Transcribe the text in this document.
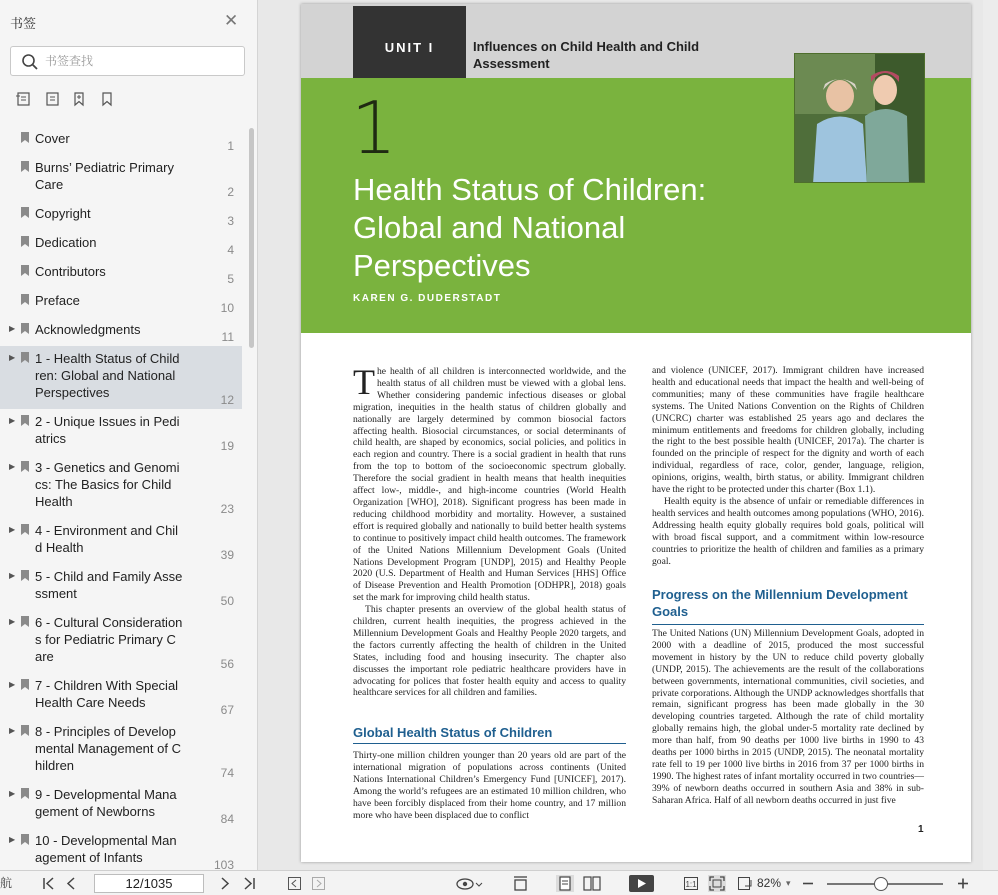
书签	✕
书签查找
Cover	1
Burns’ Pediatric Primary Care	2
Copyright	3
Dedication	4
Contributors	5
Preface	10
▶ Acknowledgments	11
▶ 1 - Health Status of Children: Global and National Perspectives	12
▶ 2 - Unique Issues in Pediatrics	19
▶ 3 - Genetics and Genomics: The Basics for Child Health	23
▶ 4 - Environment and Child Health	39
▶ 5 - Child and Family Assessment	50
▶ 6 - Cultural Considerations for Pediatric Primary Care	56
▶ 7 - Children With Special Health Care Needs	67
▶ 8 - Principles of Developmental Management of Children	74
▶ 9 - Developmental Management of Newborns	84
▶ 10 - Developmental Management of Infants	103
UNIT I	Influences on Child Health and Child Assessment
1
Health Status of Children: Global and National Perspectives
KAREN G. DUDERSTADT

The health of all children is interconnected worldwide, and the health status of all children must be viewed with a global lens. Whether considering pandemic infectious diseases or global migration, inequities in the health status of children globally and nationally are largely determined by common biosocial factors affecting health. Biosocial circumstances, or social determinants of child health, are shaped by economics, social policies, and politics in each region and country. There is a social gradient in health that runs from the top to bottom of the socioeconomic spectrum globally. Therefore the social gradient in health means that health inequities affect low-, middle-, and high-income countries (World Health Organization [WHO], 2018). Significant progress has been made in reducing childhood morbidity and mortality. However, a sustained effort is required globally and nationally to build better health systems to continue to positively impact child health outcomes. The framework of the United Nations Millennium Development Goals (United Nations Development Program [UNDP], 2015) and Healthy People 2020 (U.S. Department of Health and Human Services [HHS] Office of Disease Prevention and Health Promotion [ODHPR], 2018) goals set the mark for improving child health status.

This chapter presents an overview of the global health status of children, current health inequities, the progress achieved in the Millennium Development Goals and Healthy People 2020 targets, and the factors currently affecting the health of children in the United States, including food and housing insecurity. The chapter also discusses the important role pediatric healthcare providers have in advocating for polices that foster health equity and access to quality healthcare services for all children and families.

Global Health Status of Children

Thirty-one million children younger than 20 years old are part of the international migration of populations across continents (United Nations International Children’s Emergency Fund [UNICEF], 2017). Among the world’s refugees are an estimated 10 million children, who have been forcibly displaced from their home country, and 17 million more who have been displaced due to conflict

and violence (UNICEF, 2017). Immigrant children have increased health and educational needs that impact the health and well-being of communities; many of these communities have fragile healthcare systems. The United Nations Convention on the Rights of Children (UNCRC) charter was established 25 years ago and declares the minimum entitlements and freedoms for children globally, including the right to the best possible health (UNICEF, 2017a). The charter is founded on the principle of respect for the dignity and worth of each individual, regardless of race, color, gender, language, religion, opinions, origins, wealth, birth status, or ability. Immigrant children have the right to be protected under this charter (Box 1.1).

Health equity is the absence of unfair or remediable differences in health services and health outcomes among populations (WHO, 2016). Addressing health equity globally requires bold goals, political will with broad fiscal support, and a commitment within low-resource countries to prioritize the health of children and families as a primary goal.

Progress on the Millennium Development Goals

The United Nations (UN) Millennium Development Goals, adopted in 2000 with a deadline of 2015, produced the most successful movement in history by the UN to reduce child poverty globally (UNDP, 2015). The achievements are the result of the collaborations between governments, international communities, civil societies, and private corporations. Although the UNDP acknowledges shortfalls that remain, significant progress has been made globally in the 30 developing countries targeted. Although the rate of child mortality globally remains high, the global under-5 mortality rate declined by more than half, from 90 deaths per 1000 live births in 1990 to 43 deaths per 1000 births in 2015 (UNDP, 2015). The neonatal mortality rate fell to 19 per 1000 live births in 2016 from 37 per 1000 births in 1990. The highest rates of infant mortality occurred in two countries—39% of newborn deaths occurred in southern Asia and 38% in sub-Saharan Africa. Half of all newborn deaths occurred in just five

1
航	12/1035	1:1	82% ▾
